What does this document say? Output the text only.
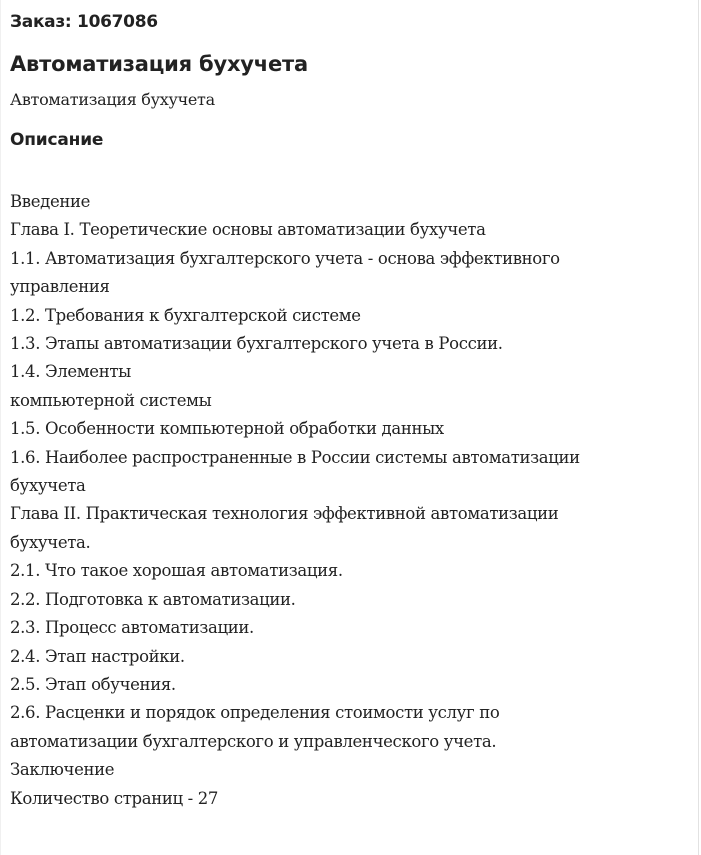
Заказ: 1067086
Автоматизация бухучета
Автоматизация бухучета
Описание
Введение
Глава I. Теоретические основы автоматизации бухучета
1.1. Автоматизация бухгалтерского учета - основа эффективного
управления
1.2. Требования к бухгалтерской системе
1.3. Этапы автоматизации бухгалтерского учета в России.
1.4. Элементы
компьютерной системы
1.5. Особенности компьютерной обработки данных
1.6. Наиболее распространенные в России системы автоматизации
бухучета
Глава II. Практическая технология эффективной автоматизации
бухучета.
2.1. Что такое хорошая автоматизация.
2.2. Подготовка к автоматизации.
2.3. Процесс автоматизации.
2.4. Этап настройки.
2.5. Этап обучения.
2.6. Расценки и порядок определения стоимости услуг по
автоматизации бухгалтерского и управленческого учета.
Заключение
Количество страниц - 27
